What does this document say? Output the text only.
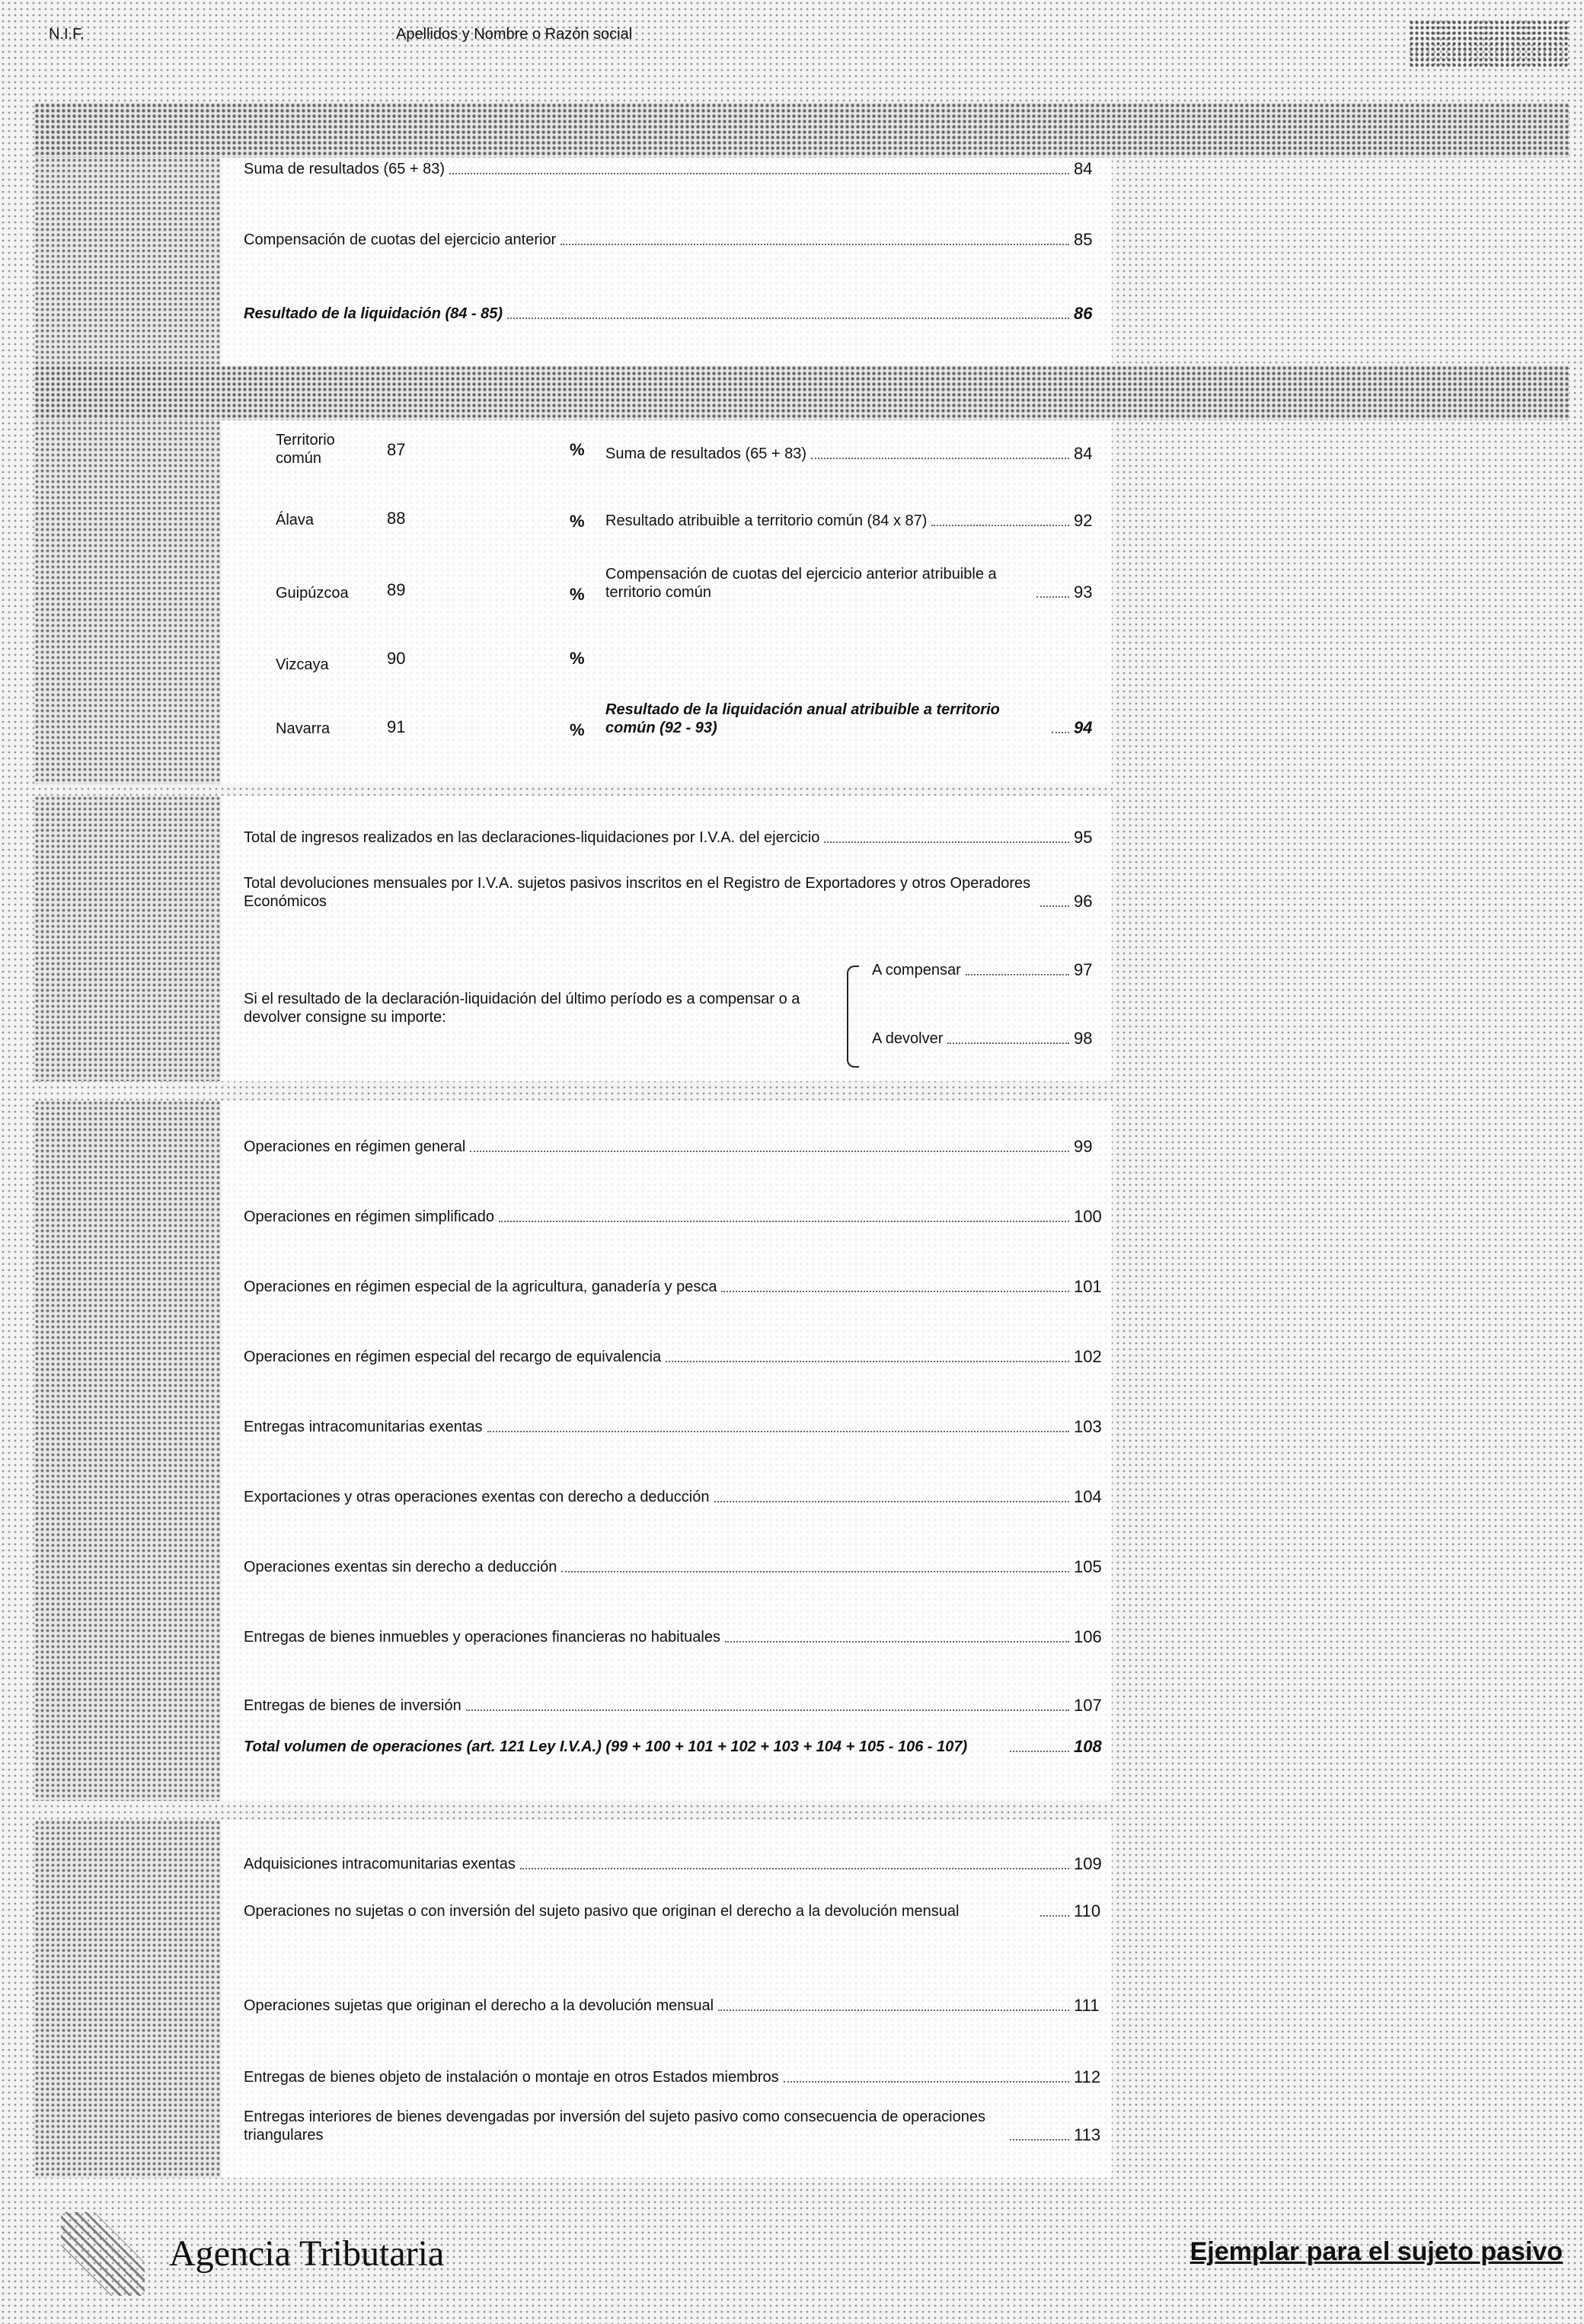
N.I.F.	Apellidos y Nombre o Razón social
Suma de resultados (65 + 83)	84
Compensación de cuotas del ejercicio anterior	85
Resultado de la liquidación (84 - 85)	86
Territorio común	87	%
Álava	88	%
Guipúzcoa 89	%
Vizcaya	90	%
Navarra	91	%
Suma de resultados (65 + 83)	84
Resultado atribuible a territorio común (84 x 87)	92
Compensación de cuotas del ejercicio anterior atribuible a territorio común	93
Resultado de la liquidación anual atribuible a territorio común (92 - 93)	94
Total de ingresos realizados en las declaraciones-liquidaciones por I.V.A. del ejercicio	95
Total devoluciones mensuales por I.V.A. sujetos pasivos inscritos en el Registro de Exportadores y otros Operadores Económicos	96
Si el resultado de la declaración-liquidación del último período es a compensar o a devolver consigne su importe:
A compensar	97
A devolver	98
Operaciones en régimen general	99
Operaciones en régimen simplificado	100
Operaciones en régimen especial de la agricultura, ganadería y pesca	101
Operaciones en régimen especial del recargo de equivalencia	102
Entregas intracomunitarias exentas	103
Exportaciones y otras operaciones exentas con derecho a deducción	104
Operaciones exentas sin derecho a deducción	105
Entregas de bienes inmuebles y operaciones financieras no habituales	106
Entregas de bienes de inversión	107
Total volumen de operaciones (art. 121 Ley I.V.A.) (99 + 100 + 101 + 102 + 103 + 104 + 105 - 106 - 107)	108
Adquisiciones intracomunitarias exentas	109
Operaciones no sujetas o con inversión del sujeto pasivo que originan el derecho a la devolución mensual	110
Operaciones sujetas que originan el derecho a la devolución mensual	111
Entregas de bienes objeto de instalación o montaje en otros Estados miembros	112
Entregas interiores de bienes devengadas por inversión del sujeto pasivo como consecuencia de operaciones triangulares	113
Agencia Tributaria	Ejemplar para el sujeto pasivo
